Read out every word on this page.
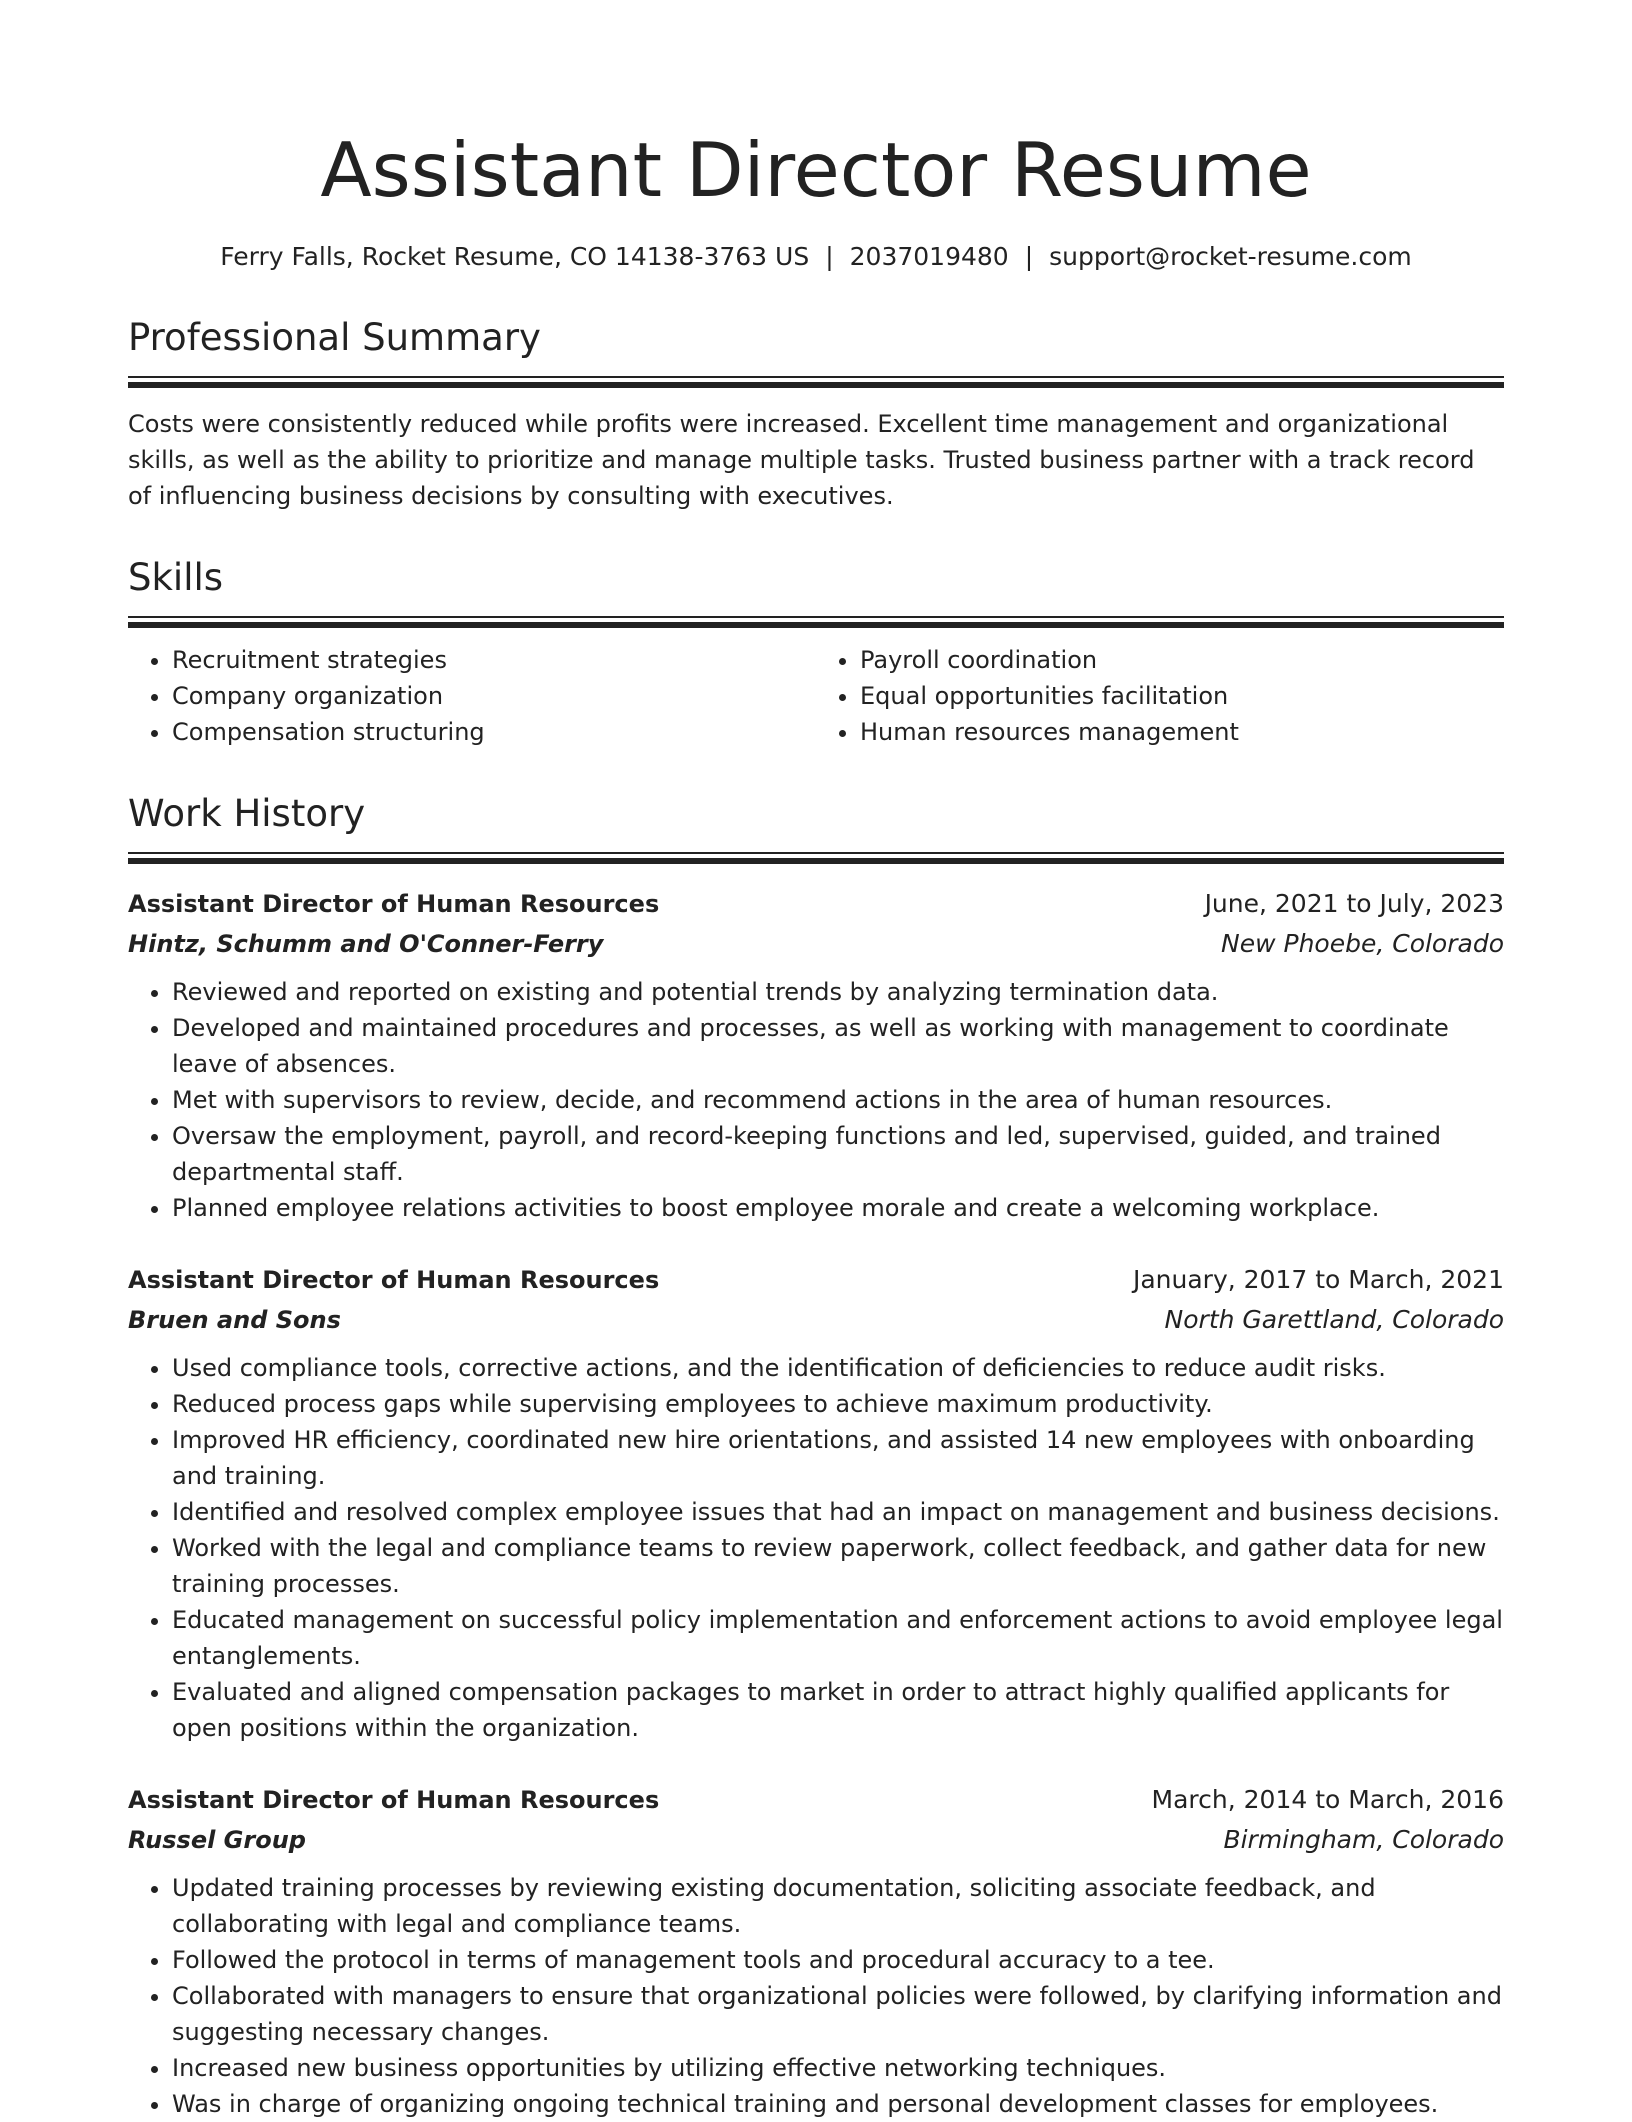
Assistant Director Resume
Ferry Falls, Rocket Resume, CO 14138-3763 US | 2037019480 | support@rocket-resume.com
Professional Summary
Costs were consistently reduced while profits were increased. Excellent time management and organizational skills, as well as the ability to prioritize and manage multiple tasks. Trusted business partner with a track record of influencing business decisions by consulting with executives.
Skills
• Recruitment strategies
• Company organization
• Compensation structuring
• Payroll coordination
• Equal opportunities facilitation
• Human resources management
Work History
Assistant Director of Human Resources	June, 2021 to July, 2023
Hintz, Schumm and O'Conner-Ferry	New Phoebe, Colorado
• Reviewed and reported on existing and potential trends by analyzing termination data.
• Developed and maintained procedures and processes, as well as working with management to coordinate leave of absences.
• Met with supervisors to review, decide, and recommend actions in the area of human resources.
• Oversaw the employment, payroll, and record-keeping functions and led, supervised, guided, and trained departmental staff.
• Planned employee relations activities to boost employee morale and create a welcoming workplace.
Assistant Director of Human Resources	January, 2017 to March, 2021
Bruen and Sons	North Garettland, Colorado
• Used compliance tools, corrective actions, and the identification of deficiencies to reduce audit risks.
• Reduced process gaps while supervising employees to achieve maximum productivity.
• Improved HR efficiency, coordinated new hire orientations, and assisted 14 new employees with onboarding and training.
• Identified and resolved complex employee issues that had an impact on management and business decisions.
• Worked with the legal and compliance teams to review paperwork, collect feedback, and gather data for new training processes.
• Educated management on successful policy implementation and enforcement actions to avoid employee legal entanglements.
• Evaluated and aligned compensation packages to market in order to attract highly qualified applicants for open positions within the organization.
Assistant Director of Human Resources	March, 2014 to March, 2016
Russel Group	Birmingham, Colorado
• Updated training processes by reviewing existing documentation, soliciting associate feedback, and collaborating with legal and compliance teams.
• Followed the protocol in terms of management tools and procedural accuracy to a tee.
• Collaborated with managers to ensure that organizational policies were followed, by clarifying information and suggesting necessary changes.
• Increased new business opportunities by utilizing effective networking techniques.
• Was in charge of organizing ongoing technical training and personal development classes for employees.
